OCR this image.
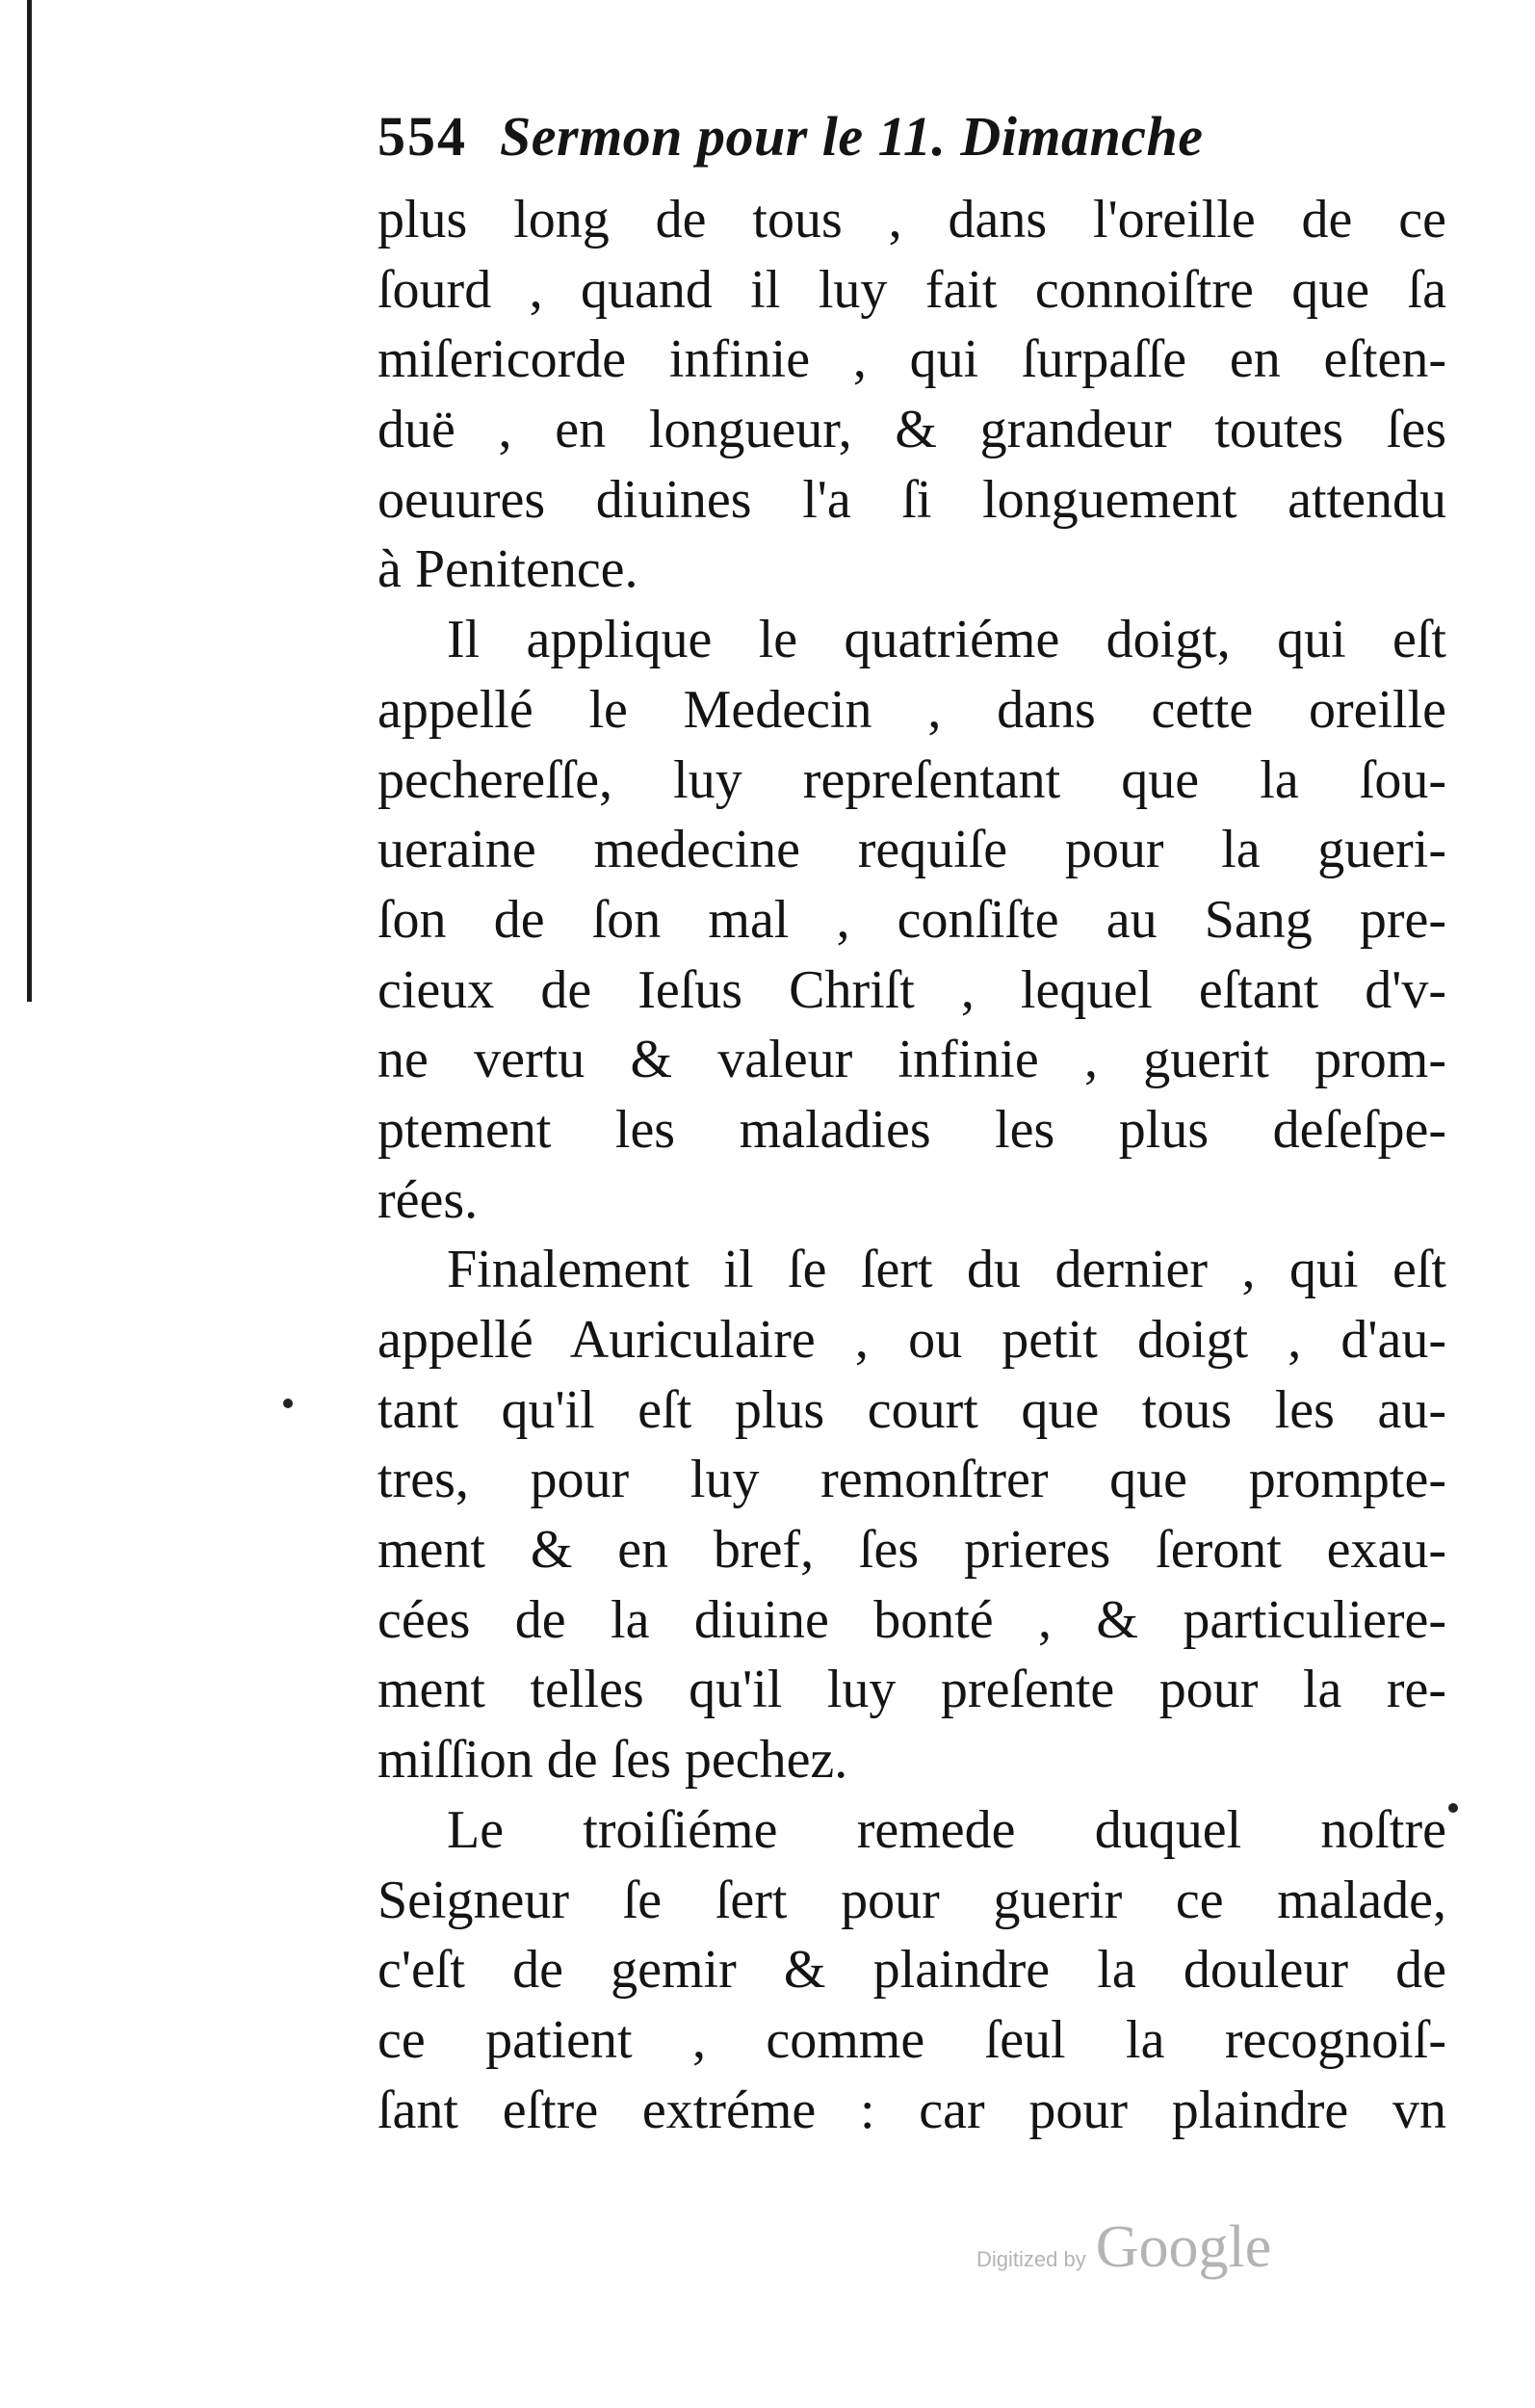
554 Sermon pour le 11. Dimanche
plus long de tous , dans l'oreille de ce
ſourd , quand il luy fait connoiſtre que ſa
miſericorde infinie , qui ſurpaſſe en eſten-
duë , en longueur, & grandeur toutes ſes
oeuures diuines l'a ſi longuement attendu
à Penitence.
Il applique le quatriéme doigt, qui eſt
appellé le Medecin , dans cette oreille
pechereſſe, luy repreſentant que la ſou-
ueraine medecine requiſe pour la gueri-
ſon de ſon mal , conſiſte au Sang pre-
cieux de Ieſus Chriſt , lequel eſtant d'v-
ne vertu & valeur infinie , guerit prom-
ptement les maladies les plus deſeſpe-
rées.
Finalement il ſe ſert du dernier , qui eſt
appellé Auriculaire , ou petit doigt , d'au-
tant qu'il eſt plus court que tous les au-
tres, pour luy remonſtrer que prompte-
ment & en bref, ſes prieres ſeront exau-
cées de la diuine bonté , & particuliere-
ment telles qu'il luy preſente pour la re-
miſſion de ſes pechez.
Le troiſiéme remede duquel noſtre
Seigneur ſe ſert pour guerir ce malade,
c'eſt de gemir & plaindre la douleur de
ce patient , comme ſeul la recognoiſ-
ſant eſtre extréme : car pour plaindre vn
Digitized by Google
